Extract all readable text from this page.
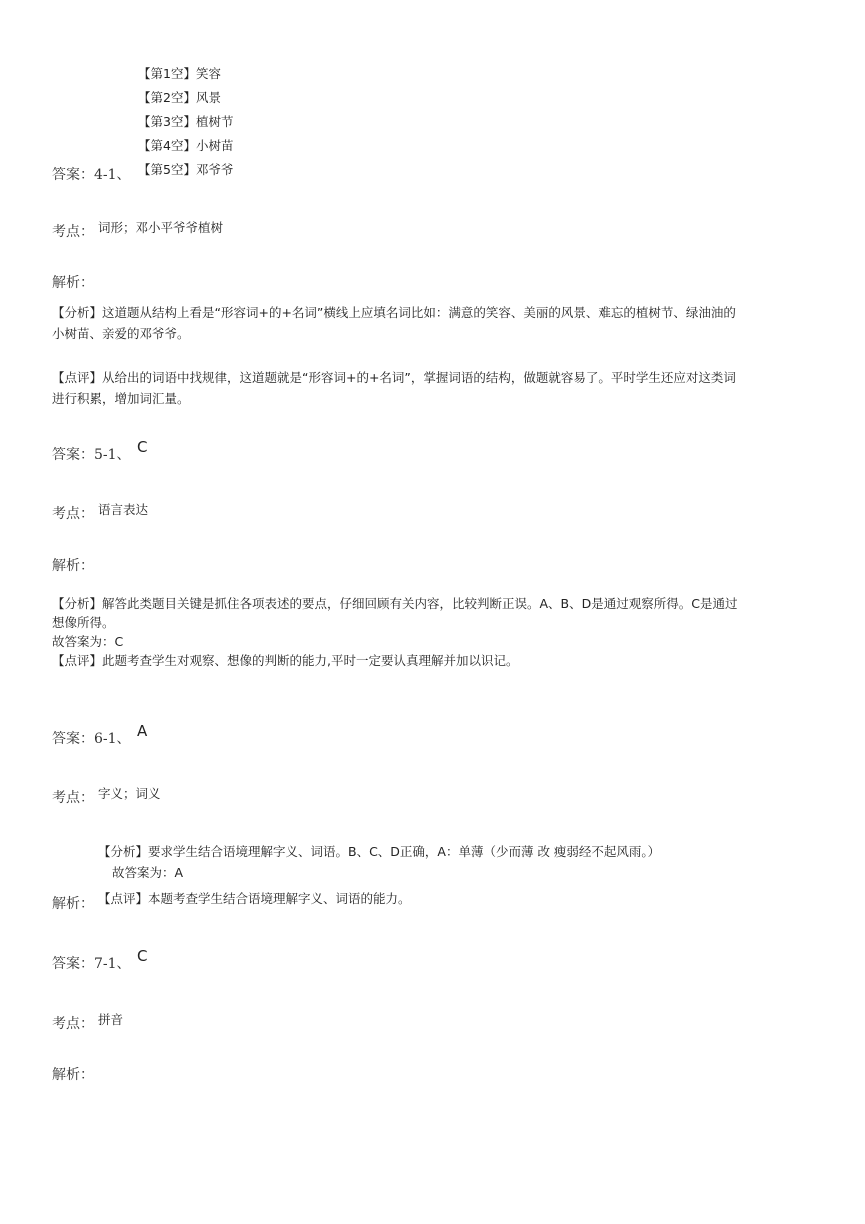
【第1空】笑容
【第2空】风景
【第3空】植树节
【第4空】小树苗
【第5空】邓爷爷
答案：4-1、
考点： 词形；邓小平爷爷植树
解析：
【分析】这道题从结构上看是“形容词+的+名词”横线上应填名词比如：满意的笑容、美丽的风景、难忘的植树节、绿油油的
小树苗、亲爱的邓爷爷。
【点评】从给出的词语中找规律，这道题就是“形容词+的+名词”，掌握词语的结构，做题就容易了。平时学生还应对这类词
进行积累，增加词汇量。
答案：5-1、 C
考点： 语言表达
解析：
【分析】解答此类题目关键是抓住各项表述的要点，仔细回顾有关内容，比较判断正误。A、B、D是通过观察所得。C是通过
想像所得。
故答案为：C
【点评】此题考查学生对观察、想像的判断的能力,平时一定要认真理解并加以识记。
答案：6-1、 A
考点： 字义；词义
【分析】要求学生结合语境理解字义、词语。B、C、D正确，A：单薄（少而薄 改 瘦弱经不起风雨。）
故答案为：A
解析： 【点评】本题考查学生结合语境理解字义、词语的能力。
答案：7-1、 C
考点： 拼音
解析：
